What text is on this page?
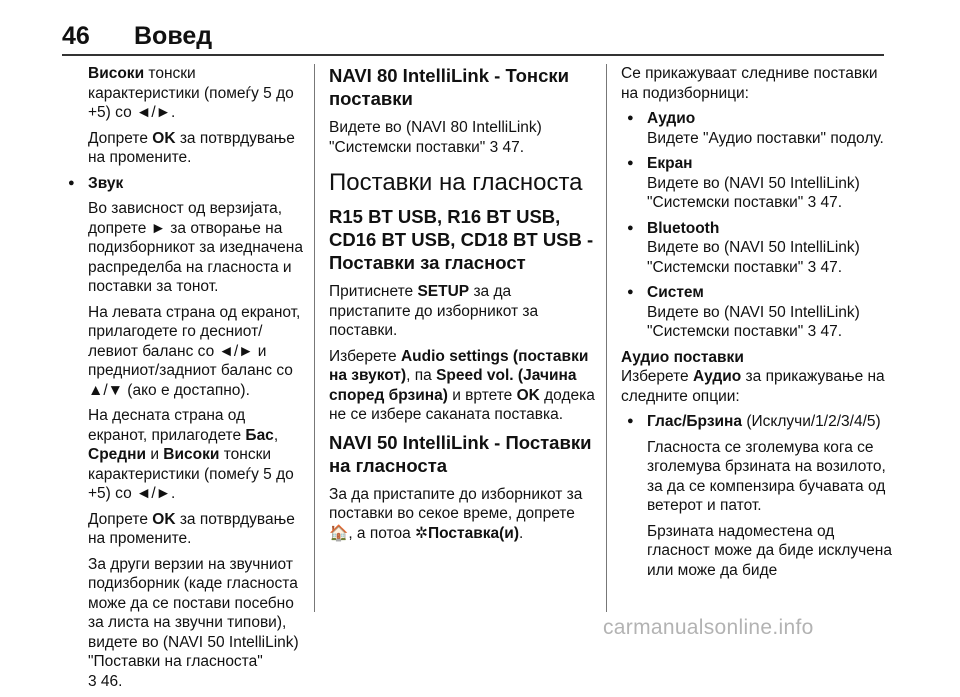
46 Вовед

Високи тонски карактеристики (помеѓу 5 до +5) со ◄/►.

Допрете OK за потврдување на промените.

● Звук

Во зависност од верзијата, допрете ► за отворање на подизборникот за изедначена распределба на гласноста и поставки за тонот.

На левата страна од екранот, прилагодете го десниот/левиот баланс со ◄/► и предниот/задниот баланс со ▲/▼ (ако е достапно).

На десната страна од екранот, прилагодете Бас, Средни и Високи тонски карактеристики (помеѓу 5 до +5) со ◄/►.

Допрете OK за потврдување на промените.

За други верзии на звучниот подизборник (каде гласноста може да се постави посебно за листа на звучни типови), видете во (NAVI 50 IntelliLink) "Поставки на гласноста"
3 46.

NAVI 80 IntelliLink - Тонски поставки

Видете во (NAVI 80 IntelliLink) "Системски поставки" 3 47.

Поставки на гласноста
R15 BT USB, R16 BT USB, CD16 BT USB, CD18 BT USB - Поставки за гласност

Притиснете SETUP за да пристапите до изборникот за поставки.

Изберете Audio settings (поставки на звукот), па Speed vol. (Јачина според брзина) и вртете OK додека не се избере саканата поставка.

NAVI 50 IntelliLink - Поставки на гласноста

За да пристапите до изборникот за поставки во секое време, допрете 🏠, а потоа ✲Поставка(и).

Се прикажуваат следниве поставки на подизборници:

● Аудио
Видете "Аудио поставки" подолу.
● Екран
Видете во (NAVI 50 IntelliLink) "Системски поставки" 3 47.
● Bluetooth
Видете во (NAVI 50 IntelliLink) "Системски поставки" 3 47.
● Систем
Видете во (NAVI 50 IntelliLink) "Системски поставки" 3 47.
Аудио поставки

Изберете Аудио за прикажување на следните опции:

● Глас/Брзина (Исклучи/1/2/3/4/5)

Гласноста се зголемува кога се зголемува брзината на возилото, за да се компензира бучавата од ветерот и патот.

Брзината надоместена од гласност може да биде исклучена или може да биде

carmanualsonline.info
